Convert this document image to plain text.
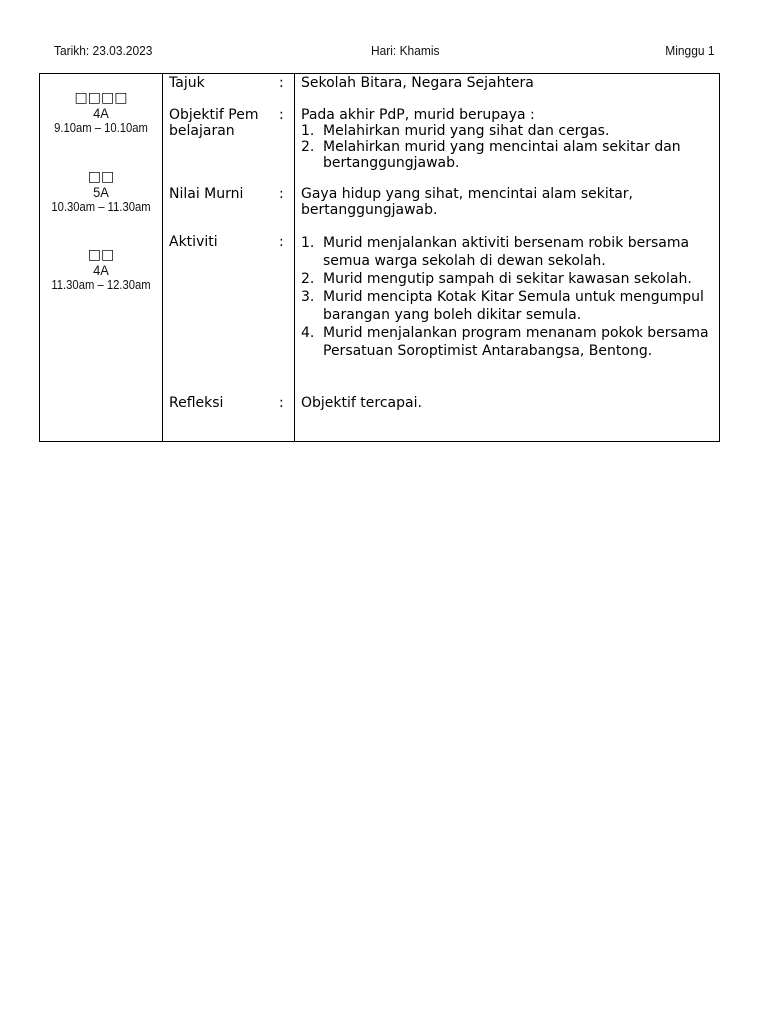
Tarikh: 23.03.2023	Hari: Khamis	Minggu 1
□□□□
4A
9.10am – 10.10am
□□
5A
10.30am – 11.30am
□□
4A
11.30am – 12.30am
Tajuk	: Sekolah Bitara, Negara Sejahtera
Objektif Pembelajaran
: Pada akhir PdP, murid berupaya :
1. Melahirkan murid yang sihat dan cergas.
2. Melahirkan murid yang mencintai alam sekitar dan bertanggungjawab.
Nilai Murni	: Gaya hidup yang sihat, mencintai alam sekitar, bertanggungjawab.
Aktiviti	: 1. Murid menjalankan aktiviti bersenam robik bersama semua warga sekolah di dewan sekolah.
2. Murid mengutip sampah di sekitar kawasan sekolah.
3. Murid mencipta Kotak Kitar Semula untuk mengumpul barangan yang boleh dikitar semula.
4. Murid menjalankan program menanam pokok bersama Persatuan Soroptimist Antarabangsa, Bentong.
Refleksi	: Objektif tercapai.
